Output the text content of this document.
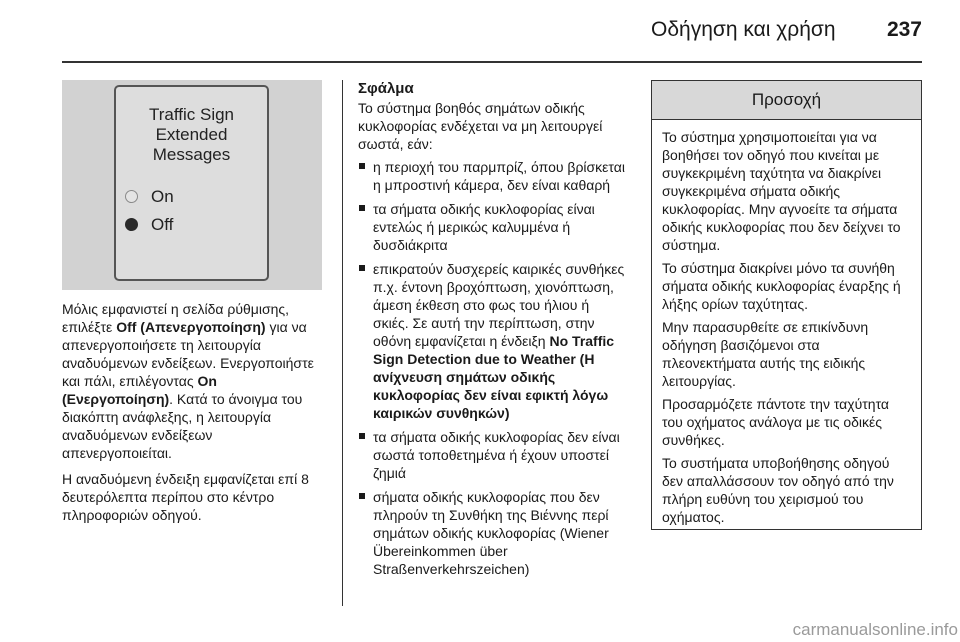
Οδήγηση και χρήση	237
Traffic Sign
Extended
Messages
On
Off

Μόλις εμφανιστεί η σελίδα ρύθμισης, επιλέξτε Off (Απενεργοποίηση) για να απενεργοποιήσετε τη λειτουργία αναδυόμενων ενδείξεων. Ενεργοποιήστε και πάλι, επιλέγοντας On (Ενεργοποίηση). Κατά το άνοιγμα του διακόπτη ανάφλεξης, η λειτουργία αναδυόμενων ενδείξεων απενεργοποιείται.

Η αναδυόμενη ένδειξη εμφανίζεται επί 8 δευτερόλεπτα περίπου στο κέντρο πληροφοριών οδηγού.

Σφάλμα

Το σύστημα βοηθός σημάτων οδικής κυκλοφορίας ενδέχεται να μη λειτουργεί σωστά, εάν:

η περιοχή του παρμπρίζ, όπου βρίσκεται η μπροστινή κάμερα, δεν είναι καθαρή
τα σήματα οδικής κυκλοφορίας είναι εντελώς ή μερικώς καλυμμένα ή δυσδιάκριτα
επικρατούν δυσχερείς καιρικές συνθήκες π.χ. έντονη βροχόπτωση, χιονόπτωση, άμεση έκθεση στο φως του ήλιου ή σκιές. Σε αυτή την περίπτωση, στην οθόνη εμφανίζεται η ένδειξη No Traffic Sign Detection due to Weather (Η ανίχνευση σημάτων οδικής κυκλοφορίας δεν είναι εφικτή λόγω καιρικών συνθηκών)
τα σήματα οδικής κυκλοφορίας δεν είναι σωστά τοποθετημένα ή έχουν υποστεί ζημιά
σήματα οδικής κυκλοφορίας που δεν πληρούν τη Συνθήκη της Βιέννης περί σημάτων οδικής κυκλοφορίας (Wiener Übereinkommen über Straßenverkehrszeichen)
Προσοχή

Το σύστημα χρησιμοποιείται για να βοηθήσει τον οδηγό που κινείται με συγκεκριμένη ταχύτητα να διακρίνει συγκεκριμένα σήματα οδικής κυκλοφορίας. Μην αγνοείτε τα σήματα οδικής κυκλοφορίας που δεν δείχνει το σύστημα.

Το σύστημα διακρίνει μόνο τα συνήθη σήματα οδικής κυκλοφορίας έναρξης ή λήξης ορίων ταχύτητας.

Μην παρασυρθείτε σε επικίνδυνη οδήγηση βασιζόμενοι στα πλεονεκτήματα αυτής της ειδικής λειτουργίας.

Προσαρμόζετε πάντοτε την ταχύτητα του οχήματος ανάλογα με τις οδικές συνθήκες.

Το συστήματα υποβοήθησης οδηγού δεν απαλλάσσουν τον οδηγό από την πλήρη ευθύνη του χειρισμού του οχήματος.

carmanualsonline.info
